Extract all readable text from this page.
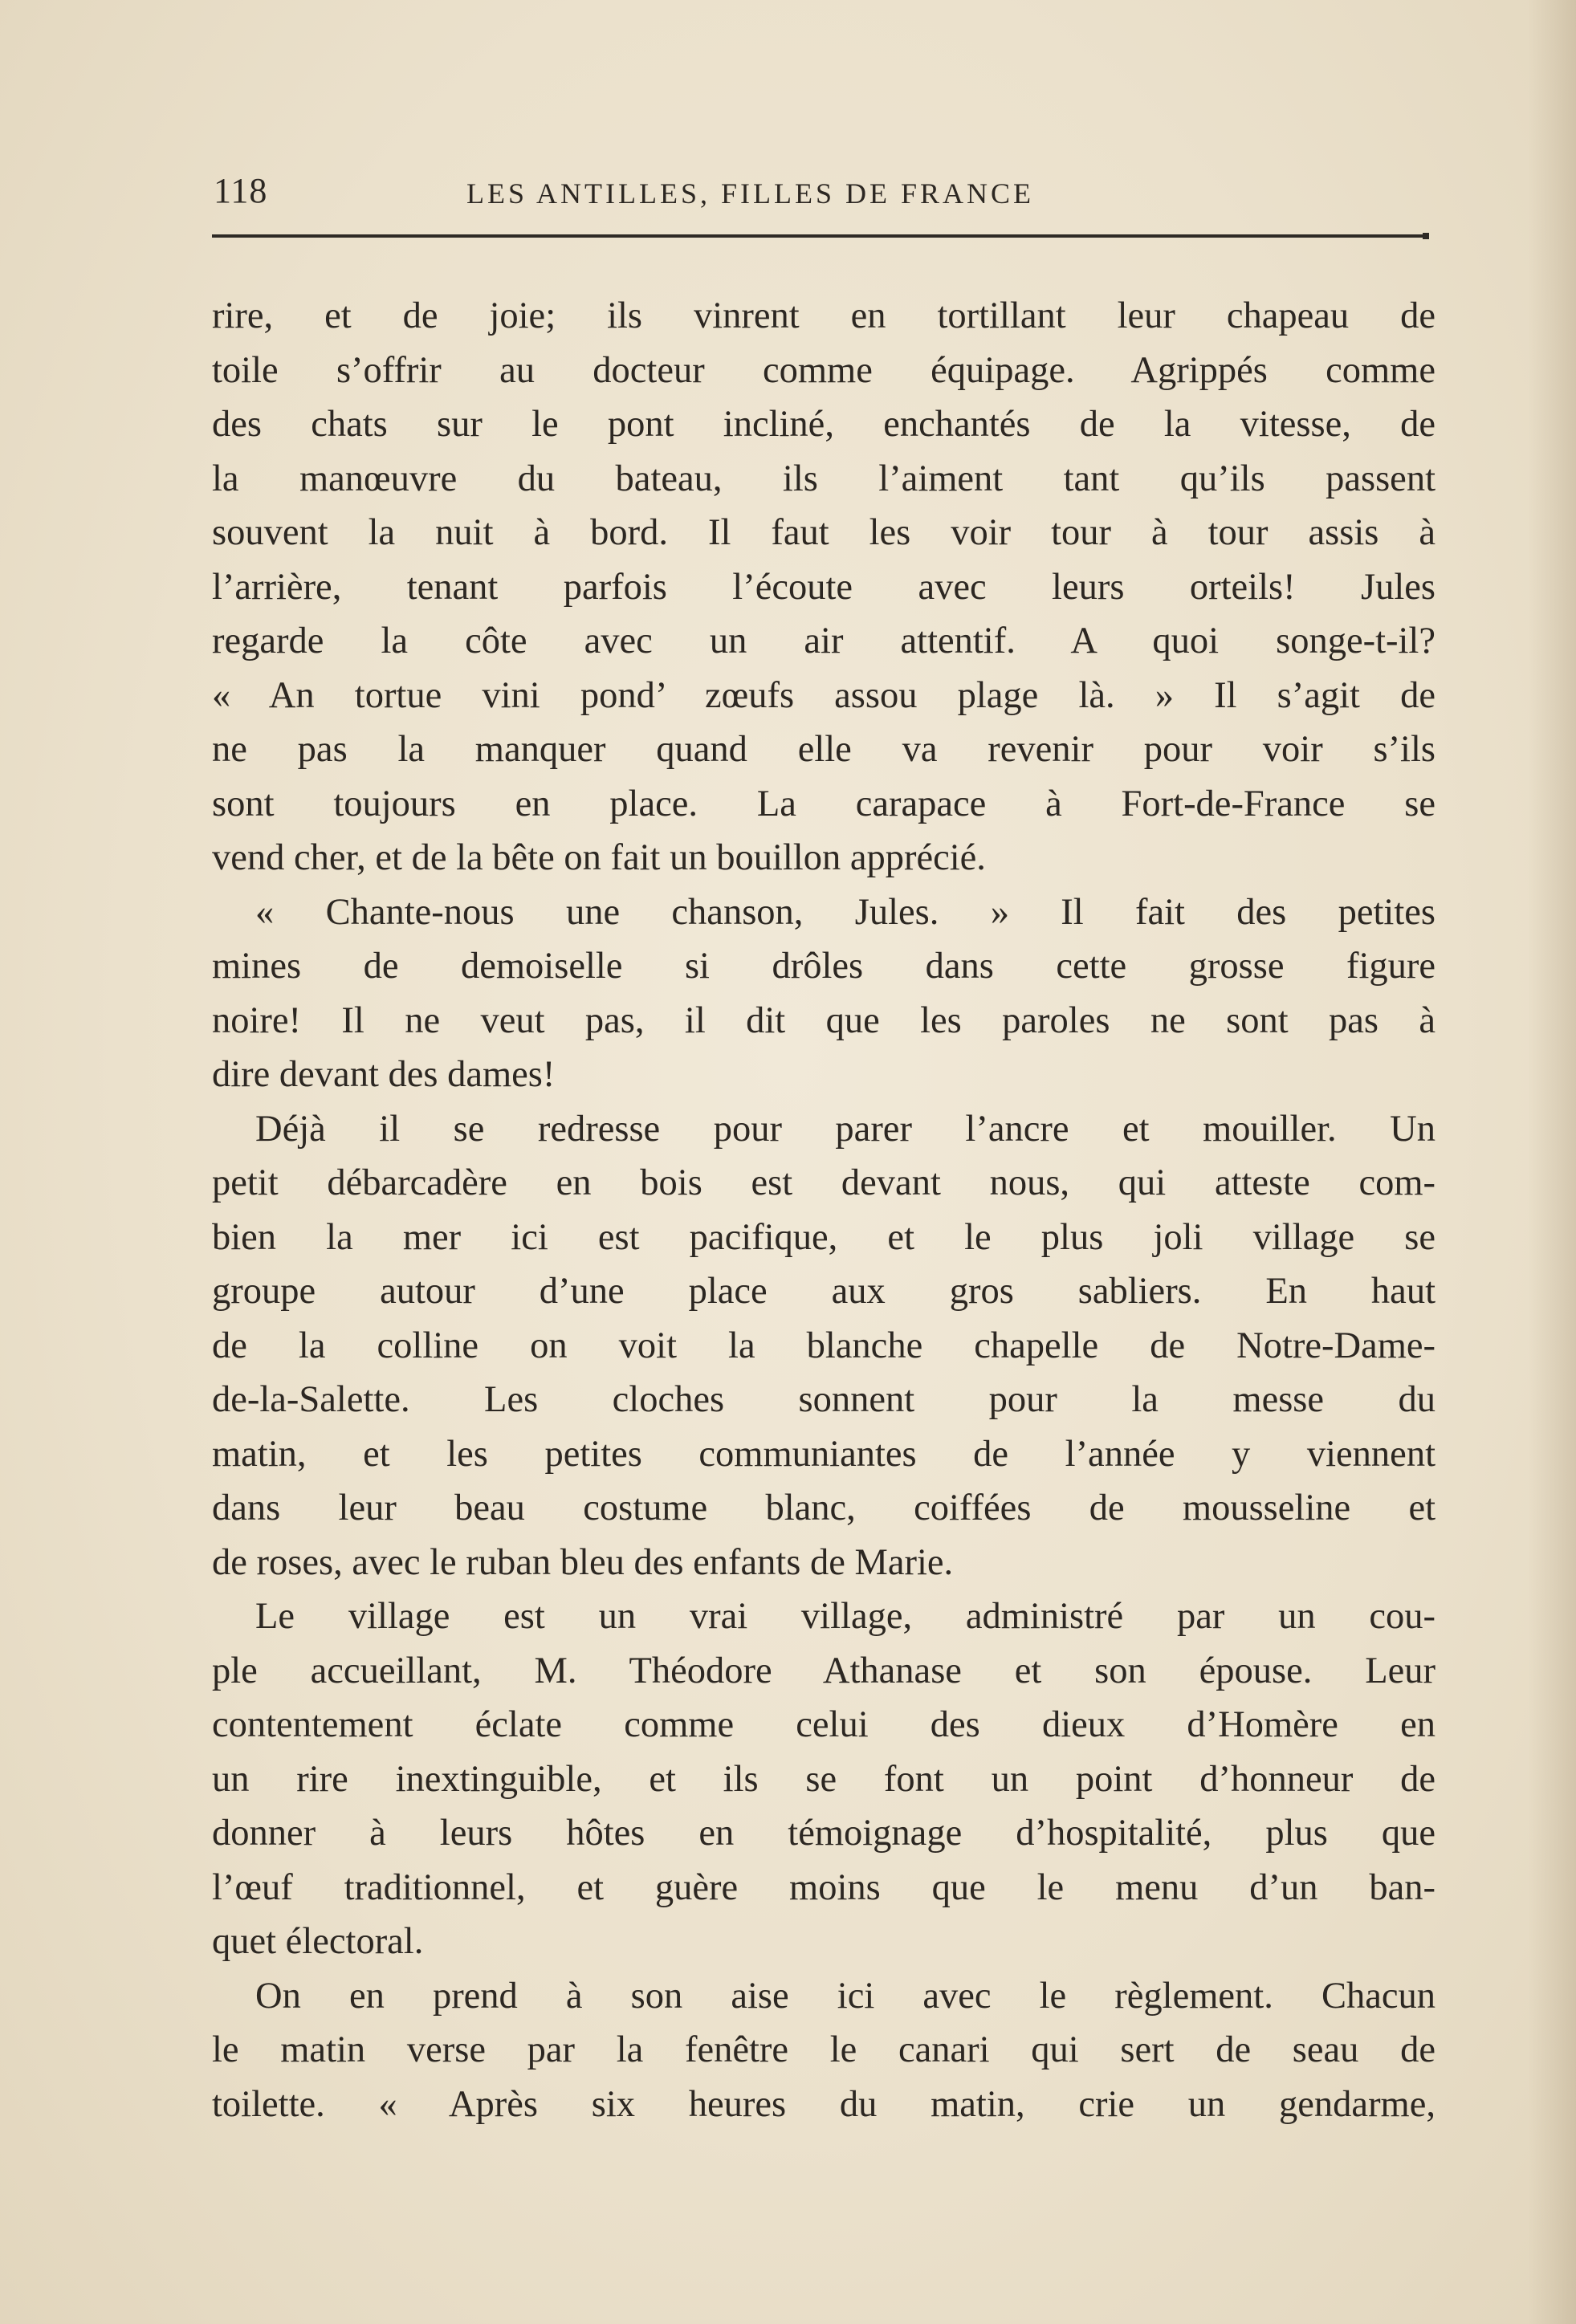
118	LES ANTILLES, FILLES DE FRANCE
rire, et de joie; ils vinrent en tortillant leur chapeau de
toile s’offrir au docteur comme équipage. Agrippés comme
des chats sur le pont incliné, enchantés de la vitesse, de
la manœuvre du bateau, ils l’aiment tant qu’ils passent
souvent la nuit à bord. Il faut les voir tour à tour assis à
l’arrière, tenant parfois l’écoute avec leurs orteils! Jules
regarde la côte avec un air attentif. A quoi songe-t-il?
« An tortue vini pond’ zœufs assou plage là. » Il s’agit de
ne pas la manquer quand elle va revenir pour voir s’ils
sont toujours en place. La carapace à Fort-de-France se
vend cher, et de la bête on fait un bouillon apprécié.
« Chante-nous une chanson, Jules. » Il fait des petites
mines de demoiselle si drôles dans cette grosse figure
noire! Il ne veut pas, il dit que les paroles ne sont pas à
dire devant des dames!
Déjà il se redresse pour parer l’ancre et mouiller. Un
petit débarcadère en bois est devant nous, qui atteste com-
bien la mer ici est pacifique, et le plus joli village se
groupe autour d’une place aux gros sabliers. En haut
de la colline on voit la blanche chapelle de Notre-Dame-
de-la-Salette. Les cloches sonnent pour la messe du
matin, et les petites communiantes de l’année y viennent
dans leur beau costume blanc, coiffées de mousseline et
de roses, avec le ruban bleu des enfants de Marie.
Le village est un vrai village, administré par un cou-
ple accueillant, M. Théodore Athanase et son épouse. Leur
contentement éclate comme celui des dieux d’Homère en
un rire inextinguible, et ils se font un point d’honneur de
donner à leurs hôtes en témoignage d’hospitalité, plus que
l’œuf traditionnel, et guère moins que le menu d’un ban-
quet électoral.
On en prend à son aise ici avec le règlement. Chacun
le matin verse par la fenêtre le canari qui sert de seau de
toilette. « Après six heures du matin, crie un gendarme,
